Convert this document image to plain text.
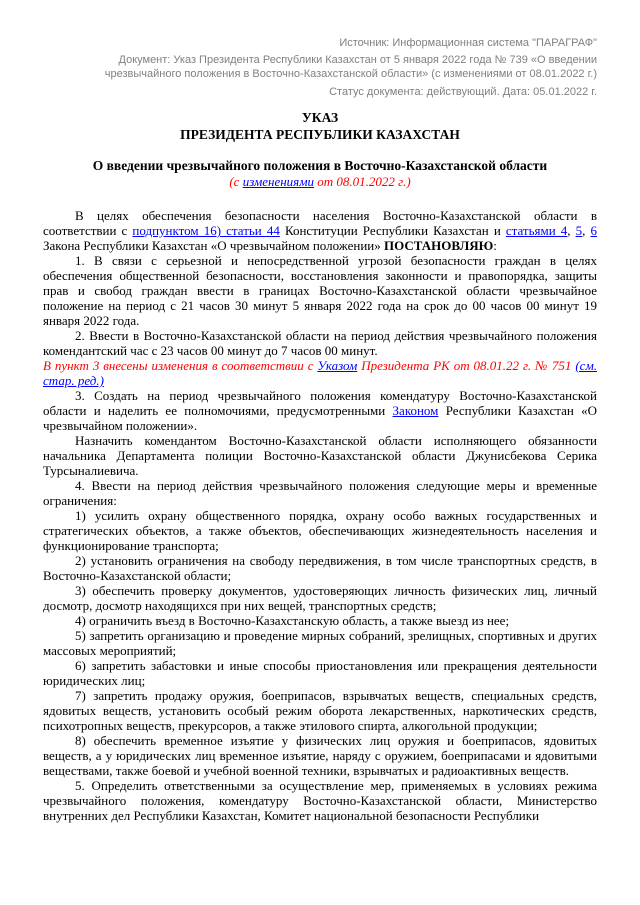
Источник: Информационная система "ПАРАГРАФ"
Документ: Указ Президента Республики Казахстан от 5 января 2022 года № 739 «О введении чрезвычайного положения в Восточно-Казахстанской области» (с изменениями от 08.01.2022 г.)
Статус документа: действующий. Дата: 05.01.2022 г.
УКАЗ
ПРЕЗИДЕНТА РЕСПУБЛИКИ КАЗАХСТАН
О введении чрезвычайного положения в Восточно-Казахстанской области
(с изменениями от 08.01.2022 г.)

В целях обеспечения безопасности населения Восточно-Казахстанской области в соответствии с подпунктом 16) статьи 44 Конституции Республики Казахстан и статьями 4, 5, 6 Закона Республики Казахстан «О чрезвычайном положении» ПОСТАНОВЛЯЮ:

1. В связи с серьезной и непосредственной угрозой безопасности граждан в целях обеспечения общественной безопасности, восстановления законности и правопорядка, защиты прав и свобод граждан ввести в границах Восточно-Казахстанской области чрезвычайное положение на период с 21 часов 30 минут 5 января 2022 года на срок до 00 часов 00 минут 19 января 2022 года.

2. Ввести в Восточно-Казахстанской области на период действия чрезвычайного положения комендантский час с 23 часов 00 минут до 7 часов 00 минут.

В пункт 3 внесены изменения в соответствии с Указом Президента РК от 08.01.22 г. № 751 (см. стар. ред.)

3. Создать на период чрезвычайного положения комендатуру Восточно-Казахстанской области и наделить ее полномочиями, предусмотренными Законом Республики Казахстан «О чрезвычайном положении».

Назначить комендантом Восточно-Казахстанской области исполняющего обязанности начальника Департамента полиции Восточно-Казахстанской области Джунисбекова Серика Турсыналиевича.

4. Ввести на период действия чрезвычайного положения следующие меры и временные ограничения:

1) усилить охрану общественного порядка, охрану особо важных государственных и стратегических объектов, а также объектов, обеспечивающих жизнедеятельность населения и функционирование транспорта;

2) установить ограничения на свободу передвижения, в том числе транспортных средств, в Восточно-Казахстанской области;

3) обеспечить проверку документов, удостоверяющих личность физических лиц, личный досмотр, досмотр находящихся при них вещей, транспортных средств;

4) ограничить въезд в Восточно-Казахстанскую область, а также выезд из нее;

5) запретить организацию и проведение мирных собраний, зрелищных, спортивных и других массовых мероприятий;

6) запретить забастовки и иные способы приостановления или прекращения деятельности юридических лиц;

7) запретить продажу оружия, боеприпасов, взрывчатых веществ, специальных средств, ядовитых веществ, установить особый режим оборота лекарственных, наркотических средств, психотропных веществ, прекурсоров, а также этилового спирта, алкогольной продукции;

8) обеспечить временное изъятие у физических лиц оружия и боеприпасов, ядовитых веществ, а у юридических лиц временное изъятие, наряду с оружием, боеприпасами и ядовитыми веществами, также боевой и учебной военной техники, взрывчатых и радиоактивных веществ.

5. Определить ответственными за осуществление мер, применяемых в условиях режима чрезвычайного положения, комендатуру Восточно-Казахстанской области, Министерство внутренних дел Республики Казахстан, Комитет национальной безопасности Республики
